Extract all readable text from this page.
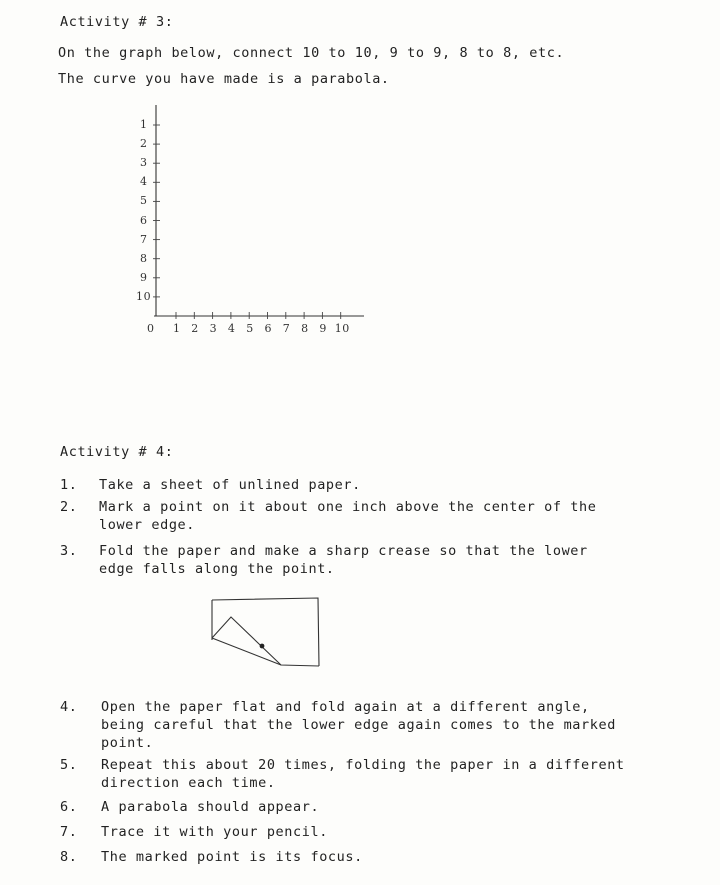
Activity # 3:
On the graph below, connect 10 to 10, 9 to 9, 8 to 8, etc.
The curve you have made is a parabola.
1
2
3
4
5
6
7
8
9
10
0 1 2 3 4 5 6 7 8 9 10
Activity # 4:
1. Take a sheet of unlined paper.
2. Mark a point on it about one inch above the center of the
lower edge.
3. Fold the paper and make a sharp crease so that the lower
edge falls along the point.
4. Open the paper flat and fold again at a different angle,
being careful that the lower edge again comes to the marked
point.
5. Repeat this about 20 times, folding the paper in a different
direction each time.
6. A parabola should appear.
7. Trace it with your pencil.
8. The marked point is its focus.
